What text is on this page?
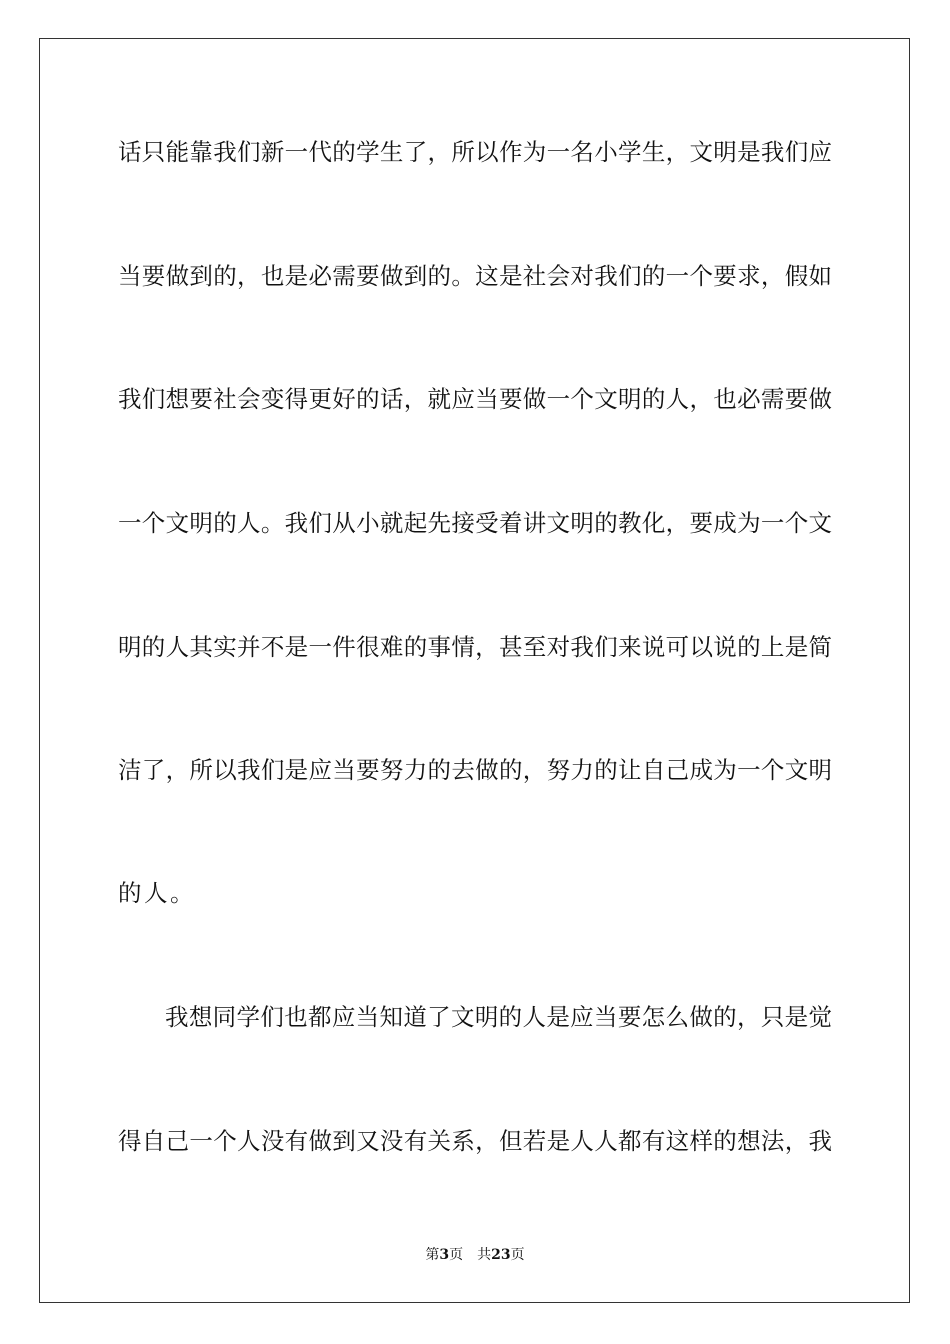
话只能靠我们新一代的学生了，所以作为一名小学生，文明是我们应
当要做到的，也是必需要做到的。这是社会对我们的一个要求，假如
我们想要社会变得更好的话，就应当要做一个文明的人，也必需要做
一个文明的人。我们从小就起先接受着讲文明的教化，要成为一个文
明的人其实并不是一件很难的事情，甚至对我们来说可以说的上是简
洁了，所以我们是应当要努力的去做的，努力的让自己成为一个文明
的人。
我想同学们也都应当知道了文明的人是应当要怎么做的，只是觉
得自己一个人没有做到又没有关系，但若是人人都有这样的想法，我
第3页 共23页
